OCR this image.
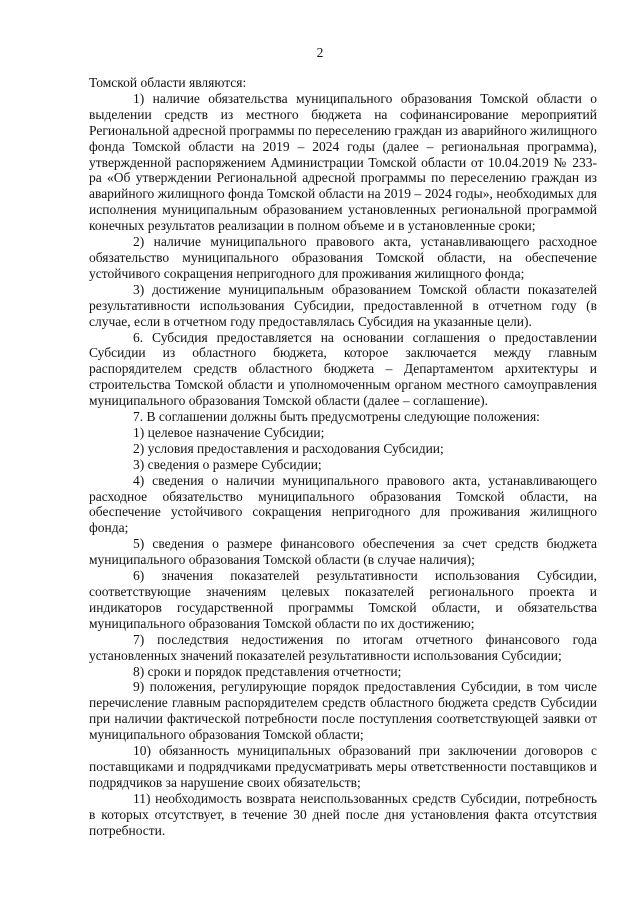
2

Томской области являются:

1) наличие обязательства муниципального образования Томской области о выделении средств из местного бюджета на софинансирование мероприятий Региональной адресной программы по переселению граждан из аварийного жилищного фонда Томской области на 2019 – 2024 годы (далее – региональная программа), утвержденной распоряжением Администрации Томской области от 10.04.2019 № 233-ра «Об утверждении Региональной адресной программы по переселению граждан из аварийного жилищного фонда Томской области на 2019 – 2024 годы», необходимых для исполнения муниципальным образованием установленных региональной программой конечных результатов реализации в полном объеме и в установленные сроки;

2) наличие муниципального правового акта, устанавливающего расходное обязательство муниципального образования Томской области, на обеспечение устойчивого сокращения непригодного для проживания жилищного фонда;

3) достижение муниципальным образованием Томской области показателей результативности использования Субсидии, предоставленной в отчетном году (в случае, если в отчетном году предоставлялась Субсидия на указанные цели).

6. Субсидия предоставляется на основании соглашения о предоставлении Субсидии из областного бюджета, которое заключается между главным распорядителем средств областного бюджета – Департаментом архитектуры и строительства Томской области и уполномоченным органом местного самоуправления муниципального образования Томской области (далее – соглашение).

7. В соглашении должны быть предусмотрены следующие положения:

1) целевое назначение Субсидии;

2) условия предоставления и расходования Субсидии;

3) сведения о размере Субсидии;

4) сведения о наличии муниципального правового акта, устанавливающего расходное обязательство муниципального образования Томской области, на обеспечение устойчивого сокращения непригодного для проживания жилищного фонда;

5) сведения о размере финансового обеспечения за счет средств бюджета муниципального образования Томской области (в случае наличия);

6) значения показателей результативности использования Субсидии, соответствующие значениям целевых показателей регионального проекта и индикаторов государственной программы Томской области, и обязательства муниципального образования Томской области по их достижению;

7) последствия недостижения по итогам отчетного финансового года установленных значений показателей результативности использования Субсидии;

8) сроки и порядок представления отчетности;

9) положения, регулирующие порядок предоставления Субсидии, в том числе перечисление главным распорядителем средств областного бюджета средств Субсидии при наличии фактической потребности после поступления соответствующей заявки от муниципального образования Томской области;

10) обязанность муниципальных образований при заключении договоров с поставщиками и подрядчиками предусматривать меры ответственности поставщиков и подрядчиков за нарушение своих обязательств;

11) необходимость возврата неиспользованных средств Субсидии, потребность в которых отсутствует, в течение 30 дней после дня установления факта отсутствия потребности.
